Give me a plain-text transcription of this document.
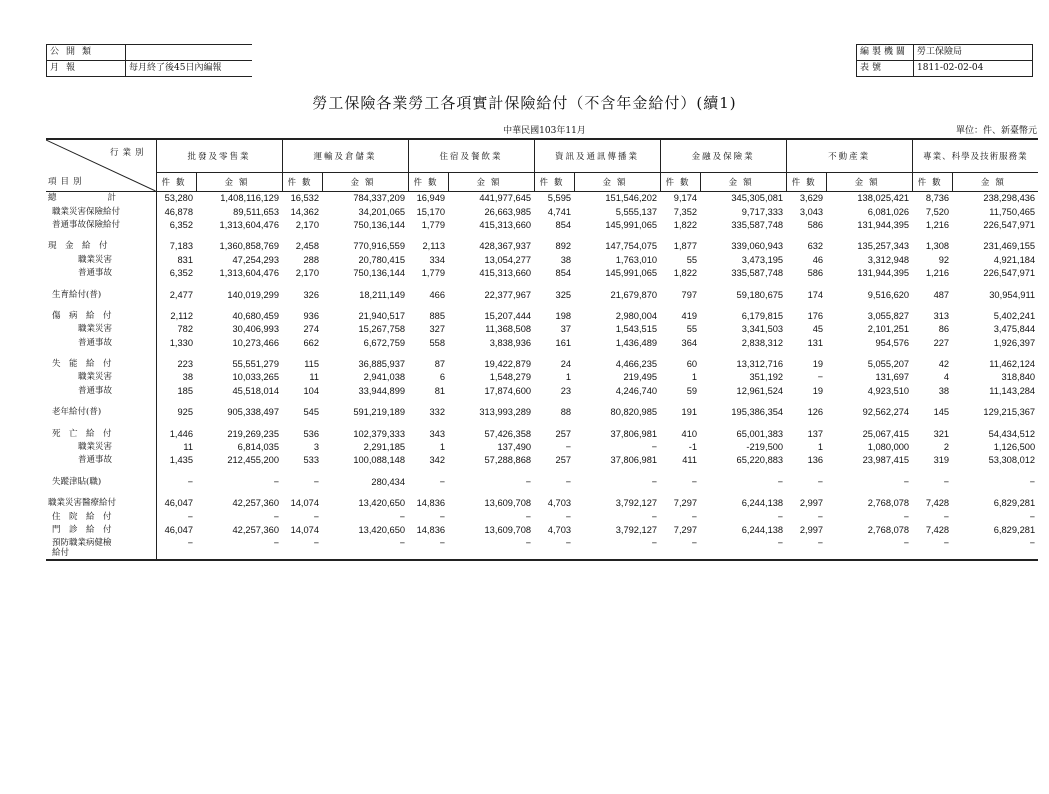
公開類	
月報	每月終了後45日內編報
編製機關	勞工保險局
表號	1811-02-02-04
勞工保險各業勞工各項實計保險給付（不含年金給付）(續1)
中華民國103年11月	單位：件、新臺幣元
行業別
項目別	批發及零售業		運輸及倉儲業		住宿及餐飲業		資訊及通訊傳播業		金融及保險業		不動產業		專業、科學及技術服務業	
	件數	金額	件數	金額	件數	金額	件數	金額	件數	金額	件數	金額	件數	金額
總　　　　　　計	53,280	1,408,116,129	16,532	784,337,209	16,949	441,977,645	5,595	151,546,202	9,174	345,305,081	3,629	138,025,421	8,736	238,298,436
職業災害保險給付	46,878	89,511,653	14,362	34,201,065	15,170	26,663,985	4,741	5,555,137	7,352	9,717,333	3,043	6,081,026	7,520	11,750,465
普通事故保險給付	6,352	1,313,604,476	2,170	750,136,144	1,779	415,313,660	854	145,991,065	1,822	335,587,748	586	131,944,395	1,216	226,547,971

現　金　給　付	7,183	1,360,858,769	2,458	770,916,559	2,113	428,367,937	892	147,754,075	1,877	339,060,943	632	135,257,343	1,308	231,469,155
職業災害	831	47,254,293	288	20,780,415	334	13,054,277	38	1,763,010	55	3,473,195	46	3,312,948	92	4,921,184
普通事故	6,352	1,313,604,476	2,170	750,136,144	1,779	415,313,660	854	145,991,065	1,822	335,587,748	586	131,944,395	1,216	226,547,971

生育給付(普)	2,477	140,019,299	326	18,211,149	466	22,377,967	325	21,679,870	797	59,180,675	174	9,516,620	487	30,954,911

傷　病　給　付	2,112	40,680,459	936	21,940,517	885	15,207,444	198	2,980,004	419	6,179,815	176	3,055,827	313	5,402,241
職業災害	782	30,406,993	274	15,267,758	327	11,368,508	37	1,543,515	55	3,341,503	45	2,101,251	86	3,475,844
普通事故	1,330	10,273,466	662	6,672,759	558	3,838,936	161	1,436,489	364	2,838,312	131	954,576	227	1,926,397

失　能　給　付	223	55,551,279	115	36,885,937	87	19,422,879	24	4,466,235	60	13,312,716	19	5,055,207	42	11,462,124
職業災害	38	10,033,265	11	2,941,038	6	1,548,279	1	219,495	1	351,192	−	131,697	4	318,840
普通事故	185	45,518,014	104	33,944,899	81	17,874,600	23	4,246,740	59	12,961,524	19	4,923,510	38	11,143,284

老年給付(普)	925	905,338,497	545	591,219,189	332	313,993,289	88	80,820,985	191	195,386,354	126	92,562,274	145	129,215,367

死　亡　給　付	1,446	219,269,235	536	102,379,333	343	57,426,358	257	37,806,981	410	65,001,383	137	25,067,415	321	54,434,512
職業災害	11	6,814,035	3	2,291,185	1	137,490	−	−	-1	-219,500	1	1,080,000	2	1,126,500
普通事故	1,435	212,455,200	533	100,088,148	342	57,288,868	257	37,806,981	411	65,220,883	136	23,987,415	319	53,308,012

失蹤津貼(職)	−	−	−	280,434	−	−	−	−	−	−	−	−	−	−

職業災害醫療給付	46,047	42,257,360	14,074	13,420,650	14,836	13,609,708	4,703	3,792,127	7,297	6,244,138	2,997	2,768,078	7,428	6,829,281
住　院　給　付	−	−	−	−	−	−	−	−	−	−	−	−	−	−
門　診　給　付	46,047	42,257,360	14,074	13,420,650	14,836	13,609,708	4,703	3,792,127	7,297	6,244,138	2,997	2,768,078	7,428	6,829,281
預防職業病健檢給付	−	−	−	−	−	−	−	−	−	−	−	−	−	−
